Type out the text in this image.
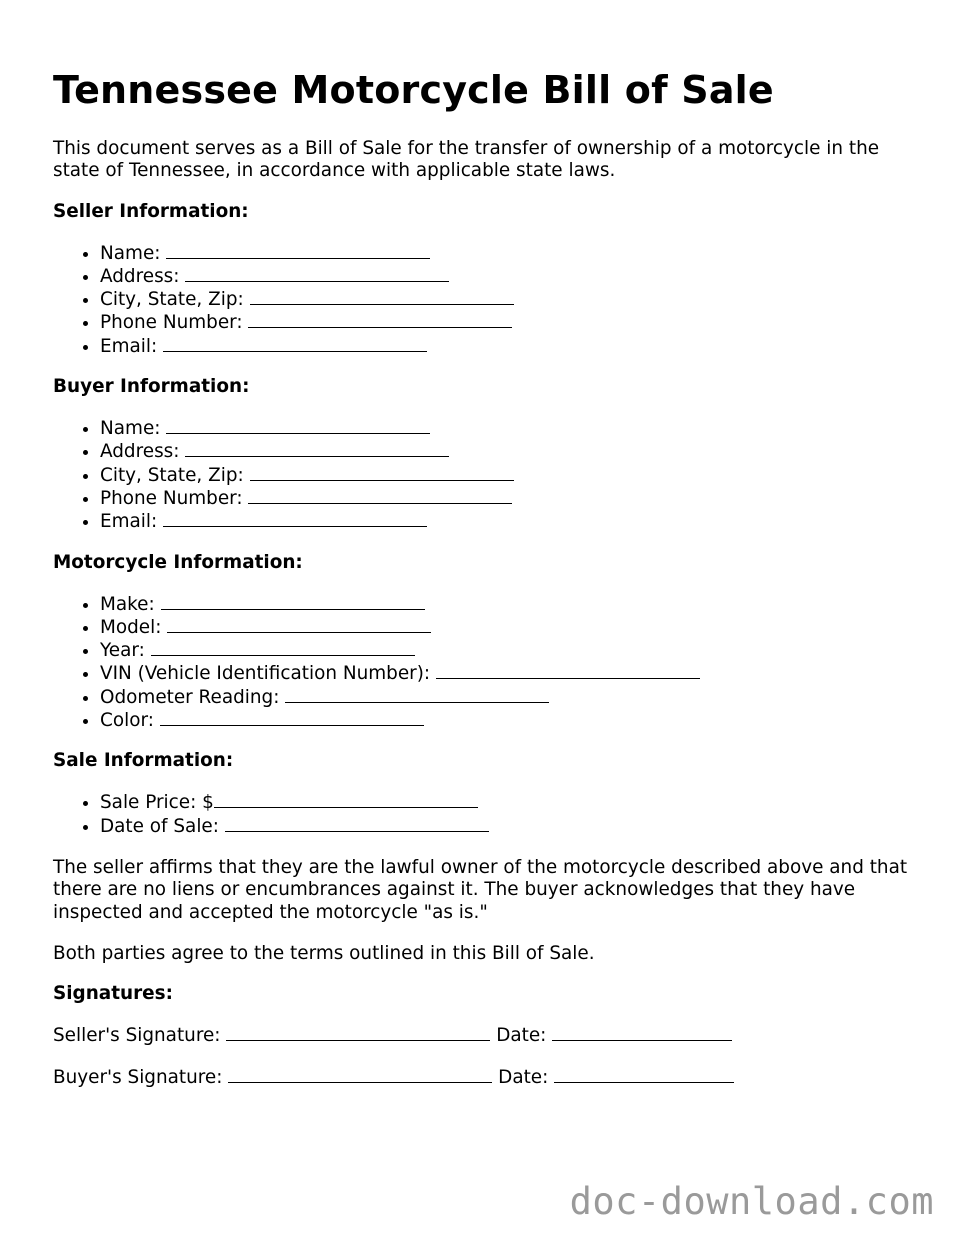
Tennessee Motorcycle Bill of Sale

This document serves as a Bill of Sale for the transfer of ownership of a motorcycle in the state of Tennessee, in accordance with applicable state laws.

Seller Information:
• Name:
• Address:
• City, State, Zip:
• Phone Number:
• Email:
Buyer Information:
• Name:
• Address:
• City, State, Zip:
• Phone Number:
• Email:
Motorcycle Information:
• Make:
• Model:
• Year:
• VIN (Vehicle Identification Number):
• Odometer Reading:
• Color:
Sale Information:
• Sale Price: $
• Date of Sale:

The seller affirms that they are the lawful owner of the motorcycle described above and that there are no liens or encumbrances against it. The buyer acknowledges that they have inspected and accepted the motorcycle "as is."

Both parties agree to the terms outlined in this Bill of Sale.

Signatures:
Seller's Signature:	Date:
Buyer's Signature:	Date:
doc-download.com
